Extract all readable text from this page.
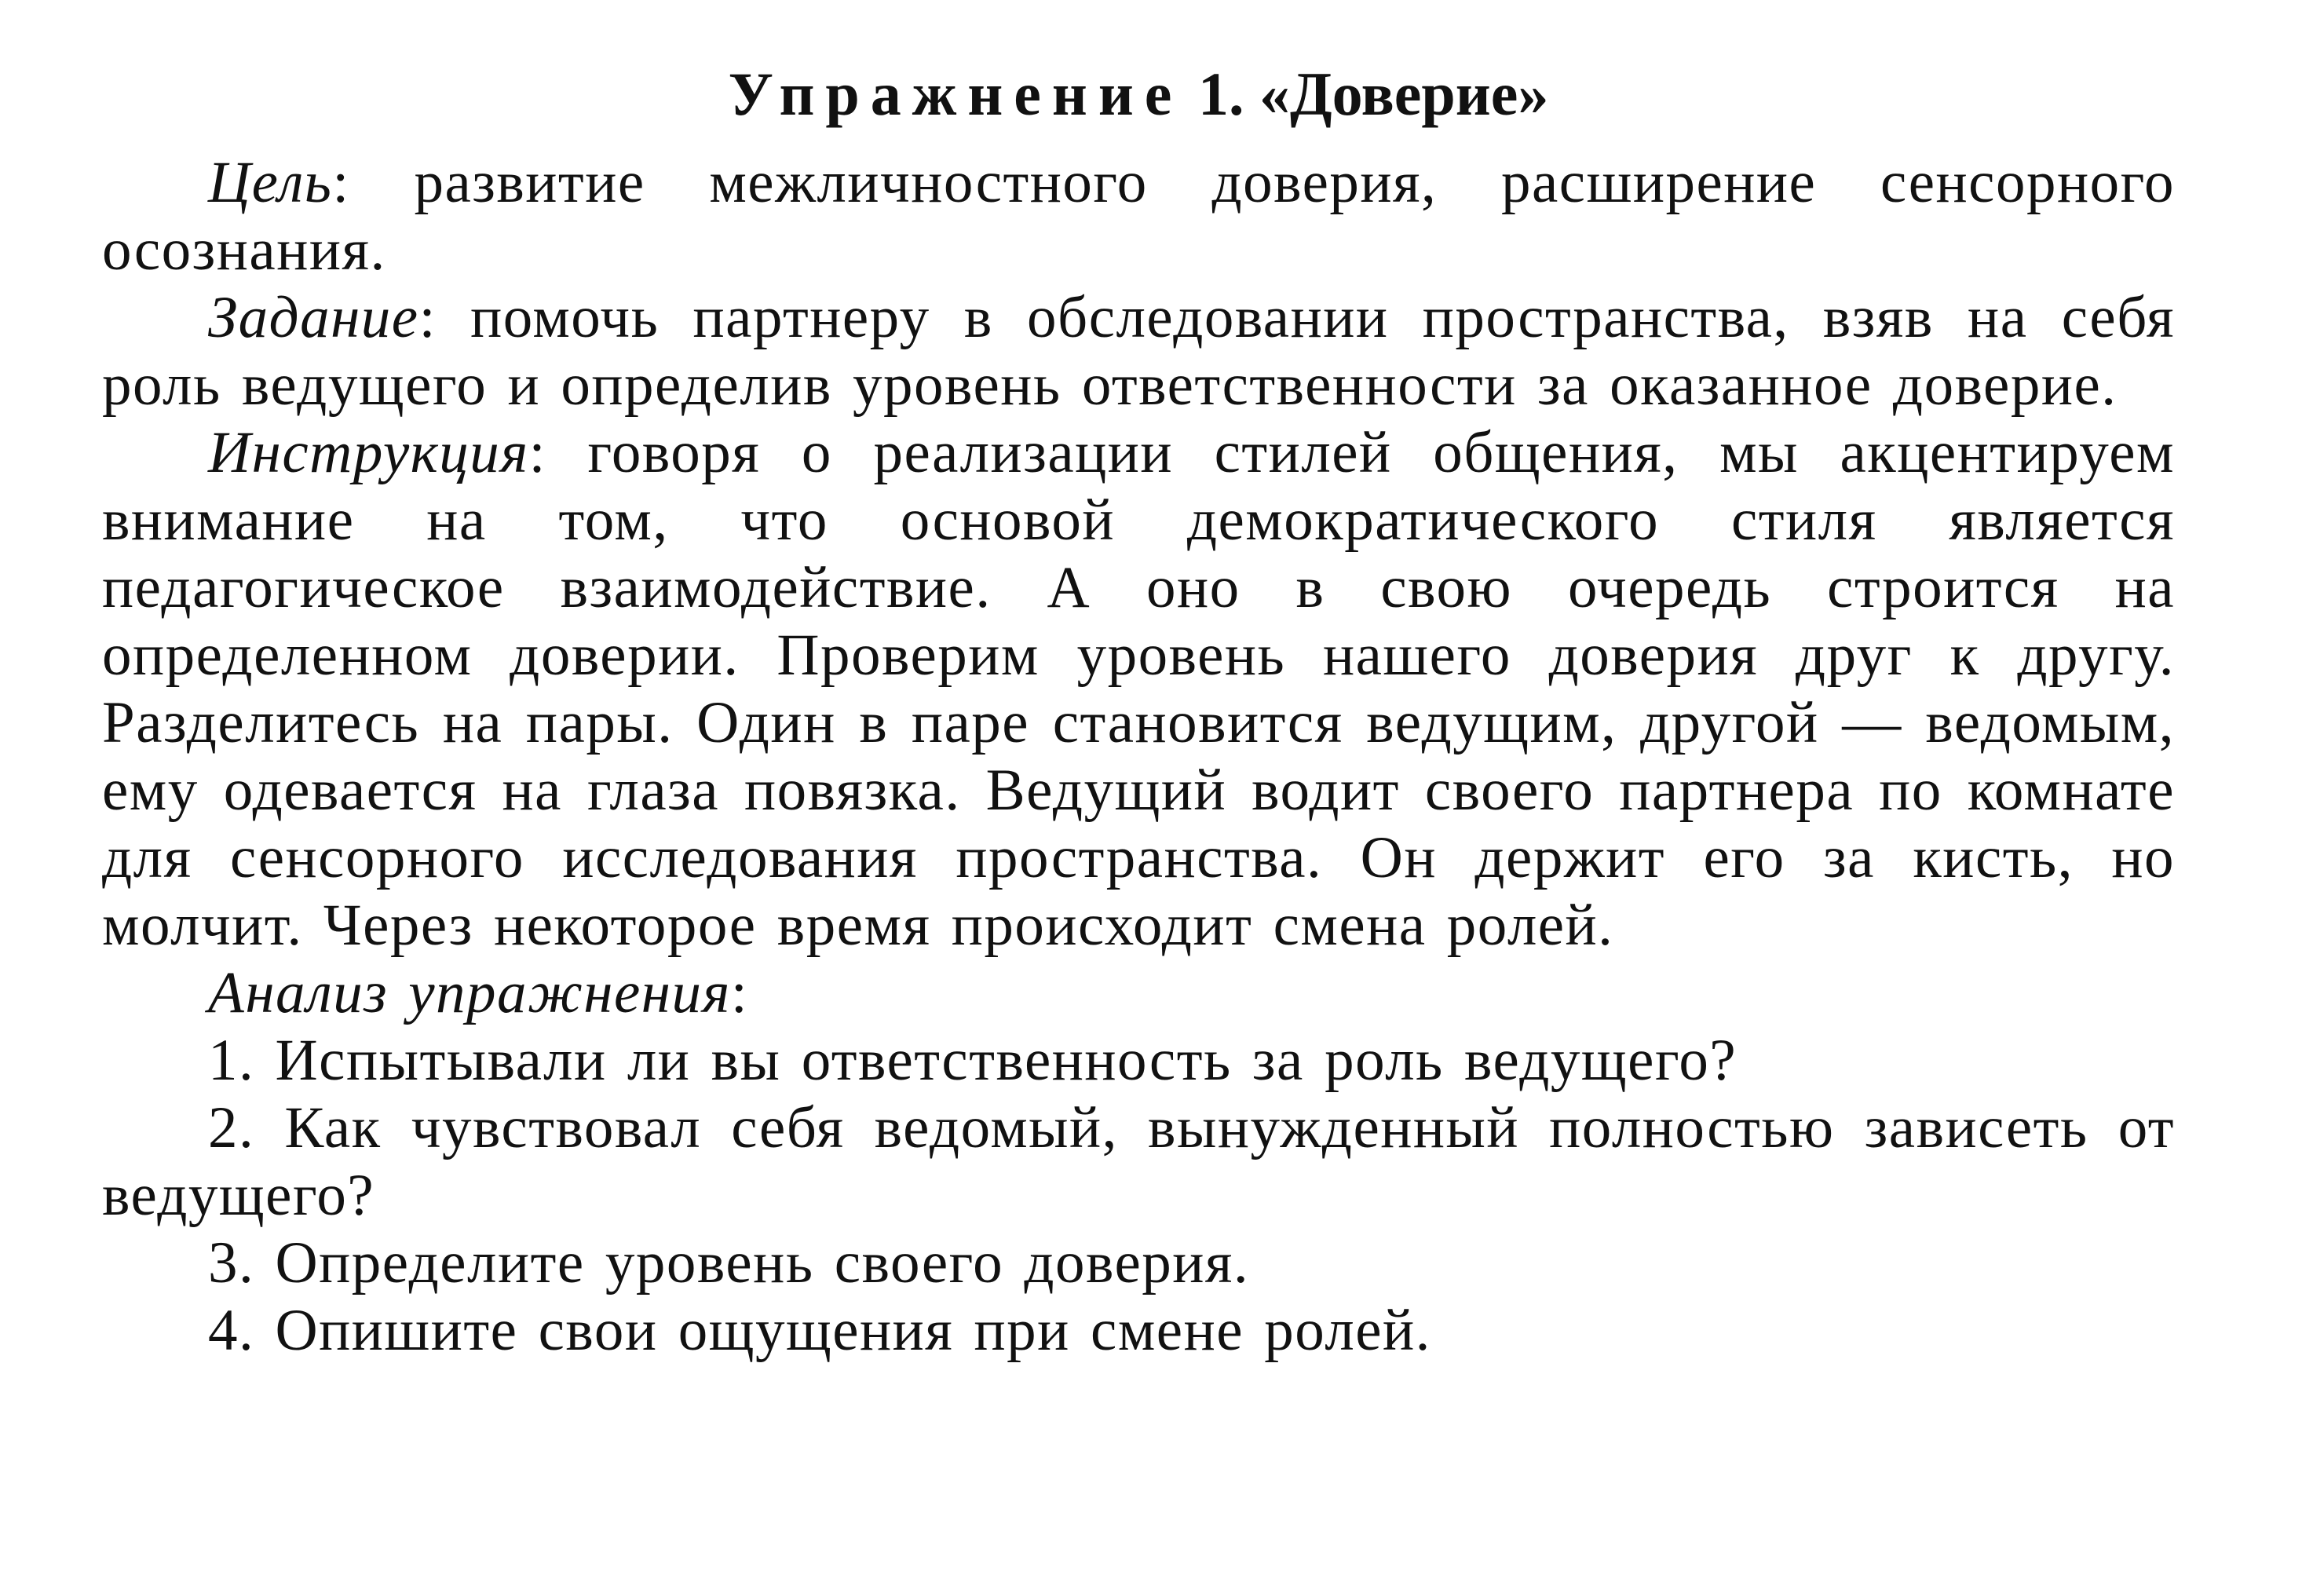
Упражнение 1. «Доверие»

Цель: развитие межличностного доверия, расширение сенсорного осознания.

Задание: помочь партнеру в обследовании пространства, взяв на себя роль ведущего и определив уровень ответственности за оказанное доверие.

Инструкция: говоря о реализации стилей общения, мы акцентируем внимание на том, что основой демократического стиля является педагогическое взаимодействие. А оно в свою очередь строится на определенном доверии. Проверим уровень нашего доверия друг к другу. Разделитесь на пары. Один в паре становится ведущим, другой — ведомым, ему одевается на глаза повязка. Ведущий водит своего партнера по комнате для сенсорного исследования пространства. Он держит его за кисть, но молчит. Через некоторое время происходит смена ролей.

Анализ упражнения:

1. Испытывали ли вы ответственность за роль ведущего?

2. Как чувствовал себя ведомый, вынужденный полностью зависеть от ведущего?

3. Определите уровень своего доверия.

4. Опишите свои ощущения при смене ролей.
